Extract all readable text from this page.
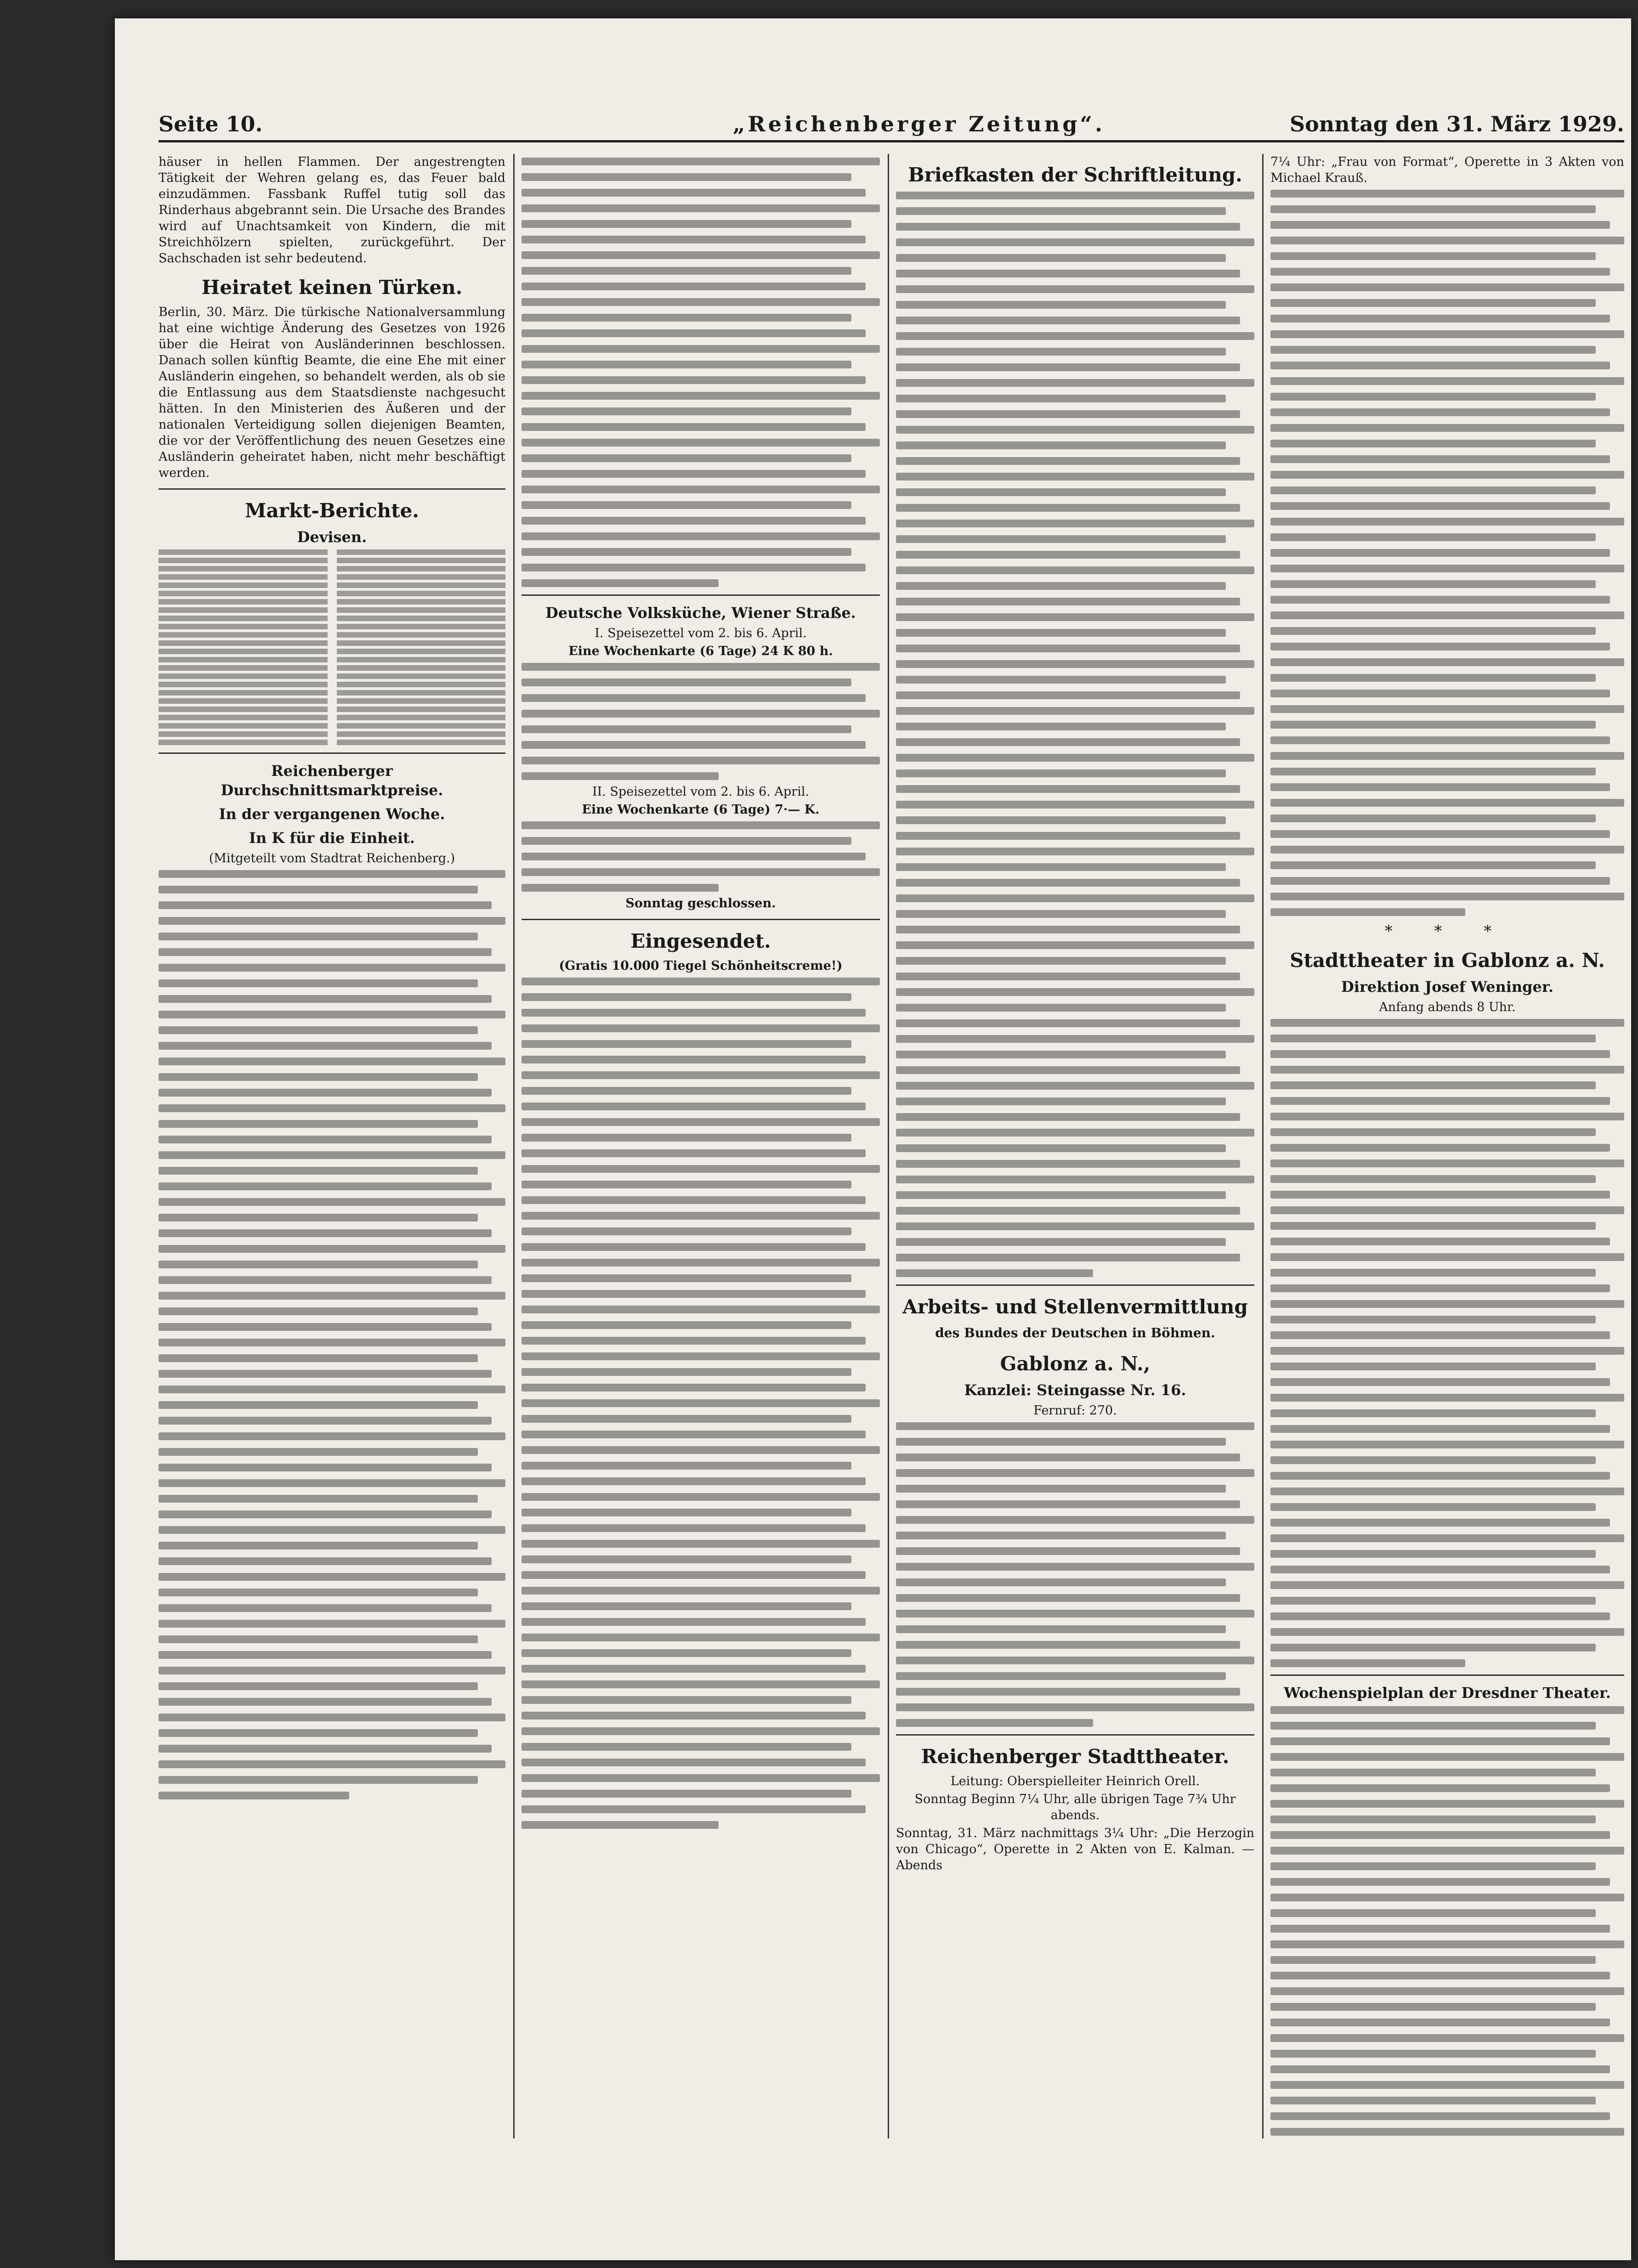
Seite 10.	„Reichenberger Zeitung“.	Sonntag den 31. März 1929.

häuser in hellen Flammen. Der angestrengten Tätigkeit der Wehren gelang es, das Feuer bald einzudämmen. Fassbank Ruffel tutig soll das Rinderhaus abgebrannt sein. Die Ursache des Brandes wird auf Unachtsamkeit von Kindern, die mit Streichhölzern spielten, zurückgeführt. Der Sachschaden ist sehr bedeutend.

Heiratet keinen Türken.

Berlin, 30. März. Die türkische Nationalversammlung hat eine wichtige Änderung des Gesetzes von 1926 über die Heirat von Ausländerinnen beschlossen. Danach sollen künftig Beamte, die eine Ehe mit einer Ausländerin eingehen, so behandelt werden, als ob sie die Entlassung aus dem Staatsdienste nachgesucht hätten. In den Ministerien des Äußeren und der nationalen Verteidigung sollen diejenigen Beamten, die vor der Veröffentlichung des neuen Gesetzes eine Ausländerin geheiratet haben, nicht mehr beschäftigt werden.

Markt-Berichte.
Devisen.
Reichenberger Durchschnittsmarktpreise.
In der vergangenen Woche.
In K für die Einheit.

(Mitgeteilt vom Stadtrat Reichenberg.)

Deutsche Volksküche, Wiener Straße.

I. Speisezettel vom 2. bis 6. April.

Eine Wochenkarte (6 Tage) 24 K 80 h.

II. Speisezettel vom 2. bis 6. April.

Eine Wochenkarte (6 Tage) 7·— K.

Sonntag geschlossen.

Eingesendet.

(Gratis 10.000 Tiegel Schönheitscreme!)

Briefkasten der Schriftleitung.
Arbeits- und Stellenvermittlung
des Bundes der Deutschen in Böhmen.
Gablonz a. N.,
Kanzlei: Steingasse Nr. 16.

Fernruf: 270.

Reichenberger Stadttheater.

Leitung: Oberspielleiter Heinrich Orell.

Sonntag Beginn 7¼ Uhr, alle übrigen Tage 7¾ Uhr abends.

Sonntag, 31. März nachmittags 3¼ Uhr: „Die Herzogin von Chicago“, Operette in 2 Akten von E. Kalman. — Abends

7¼ Uhr: „Frau von Format“, Operette in 3 Akten von Michael Krauß.

* * *
Stadttheater in Gablonz a. N.
Direktion Josef Weninger.

Anfang abends 8 Uhr.

Wochenspielplan der Dresdner Theater.
